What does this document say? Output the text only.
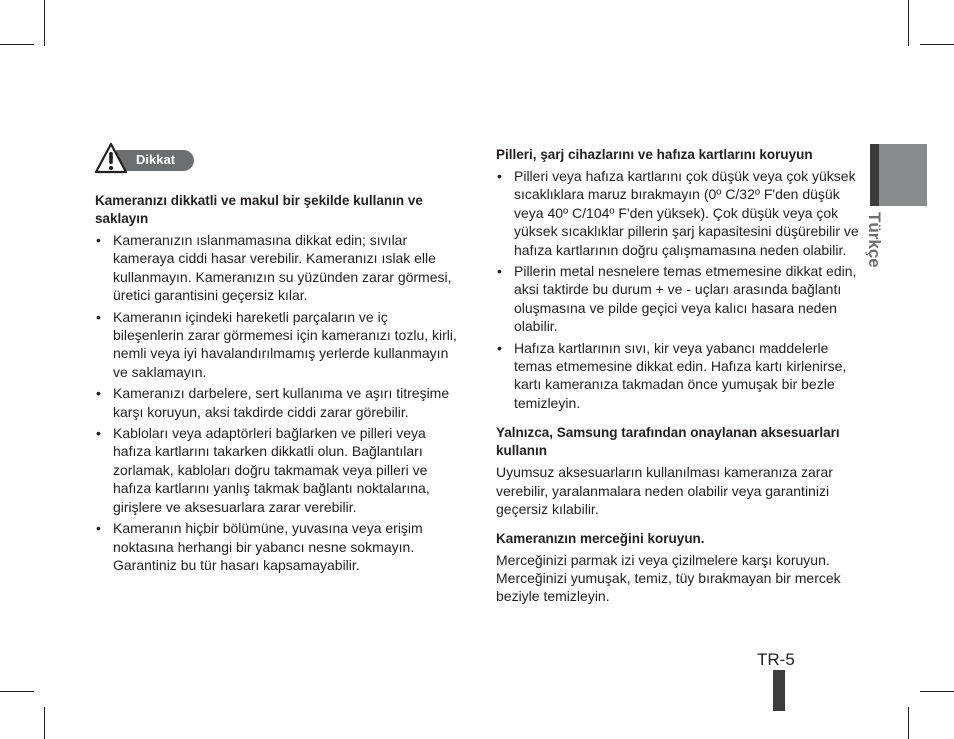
Dikkat
Kameranızı dikkatli ve makul bir şekilde kullanın ve saklayın
• Kameranızın ıslanmamasına dikkat edin; sıvılar kameraya ciddi hasar verebilir. Kameranızı ıslak elle kullanmayın. Kameranızın su yüzünden zarar görmesi, üretici garantisini geçersiz kılar.
• Kameranın içindeki hareketli parçaların ve iç bileşenlerin zarar görmemesi için kameranızı tozlu, kirli, nemli veya iyi havalandırılmamış yerlerde kullanmayın ve saklamayın.
• Kameranızı darbelere, sert kullanıma ve aşırı titreşime karşı koruyun, aksi takdirde ciddi zarar görebilir.
• Kabloları veya adaptörleri bağlarken ve pilleri veya hafıza kartlarını takarken dikkatli olun. Bağlantıları zorlamak, kabloları doğru takmamak veya pilleri ve hafıza kartlarını yanlış takmak bağlantı noktalarına, girişlere ve aksesuarlara zarar verebilir.
• Kameranın hiçbir bölümüne, yuvasına veya erişim noktasına herhangi bir yabancı nesne sokmayın. Garantiniz bu tür hasarı kapsamayabilir.
Pilleri, şarj cihazlarını ve hafıza kartlarını koruyun
• Pilleri veya hafıza kartlarını çok düşük veya çok yüksek sıcaklıklara maruz bırakmayın (0º C/32º F'den düşük veya 40º C/104º F'den yüksek). Çok düşük veya çok yüksek sıcaklıklar pillerin şarj kapasitesini düşürebilir ve hafıza kartlarının doğru çalışmamasına neden olabilir.
• Pillerin metal nesnelere temas etmemesine dikkat edin, aksi taktirde bu durum + ve - uçları arasında bağlantı oluşmasına ve pilde geçici veya kalıcı hasara neden olabilir.
• Hafıza kartlarının sıvı, kir veya yabancı maddelerle temas etmemesine dikkat edin. Hafıza kartı kirlenirse, kartı kameranıza takmadan önce yumuşak bir bezle temizleyin.
Yalnızca, Samsung tarafından onaylanan aksesuarları kullanın

Uyumsuz aksesuarların kullanılması kameranıza zarar verebilir, yaralanmalara neden olabilir veya garantinizi geçersiz kılabilir.

Kameranızın merceğini koruyun.

Merceğinizi parmak izi veya çizilmelere karşı koruyun. Merceğinizi yumuşak, temiz, tüy bırakmayan bir mercek beziyle temizleyin.

Türkçe
TR-5
